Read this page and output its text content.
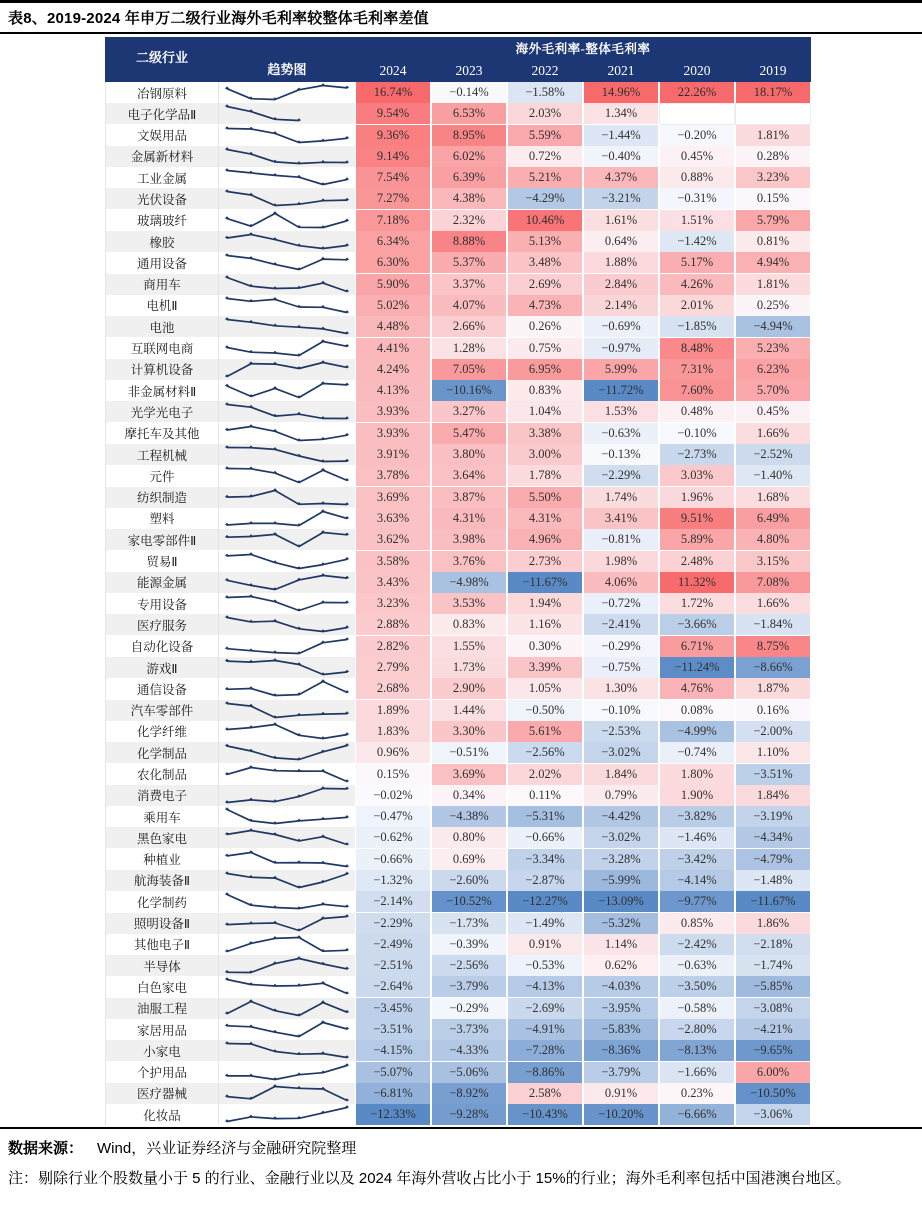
表8、2019-2024 年申万二级行业海外毛利率较整体毛利率差值
二级行业
趋势图
海外毛利率-整体毛利率
2024	2023	2022	2021	2020	2019
冶钢原料	16.74%	−0.14%	−1.58%	14.96%	22.26%	18.17%
电子化学品Ⅱ	9.54%	6.53%	2.03%	1.34%
文娱用品	9.36%	8.95%	5.59%	−1.44%	−0.20%	1.81%
金属新材料	9.14%	6.02%	0.72%	−0.40%	0.45%	0.28%
工业金属	7.54%	6.39%	5.21%	4.37%	0.88%	3.23%
光伏设备	7.27%	4.38%	−4.29%	−3.21%	−0.31%	0.15%
玻璃玻纤	7.18%	2.32%	10.46%	1.61%	1.51%	5.79%
橡胶	6.34%	8.88%	5.13%	0.64%	−1.42%	0.81%
通用设备	6.30%	5.37%	3.48%	1.88%	5.17%	4.94%
商用车	5.90%	3.37%	2.69%	2.84%	4.26%	1.81%
电机Ⅱ	5.02%	4.07%	4.73%	2.14%	2.01%	0.25%
电池	4.48%	2.66%	0.26%	−0.69%	−1.85%	−4.94%
互联网电商	4.41%	1.28%	0.75%	−0.97%	8.48%	5.23%
计算机设备	4.24%	7.05%	6.95%	5.99%	7.31%	6.23%
非金属材料Ⅱ	4.13%	−10.16%	0.83%	−11.72%	7.60%	5.70%
光学光电子	3.93%	3.27%	1.04%	1.53%	0.48%	0.45%
摩托车及其他	3.93%	5.47%	3.38%	−0.63%	−0.10%	1.66%
工程机械	3.91%	3.80%	3.00%	−0.13%	−2.73%	−2.52%
元件	3.78%	3.64%	1.78%	−2.29%	3.03%	−1.40%
纺织制造	3.69%	3.87%	5.50%	1.74%	1.96%	1.68%
塑料	3.63%	4.31%	4.31%	3.41%	9.51%	6.49%
家电零部件Ⅱ	3.62%	3.98%	4.96%	−0.81%	5.89%	4.80%
贸易Ⅱ	3.58%	3.76%	2.73%	1.98%	2.48%	3.15%
能源金属	3.43%	−4.98%	−11.67%	4.06%	11.32%	7.08%
专用设备	3.23%	3.53%	1.94%	−0.72%	1.72%	1.66%
医疗服务	2.88%	0.83%	1.16%	−2.41%	−3.66%	−1.84%
自动化设备	2.82%	1.55%	0.30%	−0.29%	6.71%	8.75%
游戏Ⅱ	2.79%	1.73%	3.39%	−0.75%	−11.24%	−8.66%
通信设备	2.68%	2.90%	1.05%	1.30%	4.76%	1.87%
汽车零部件	1.89%	1.44%	−0.50%	−0.10%	0.08%	0.16%
化学纤维	1.83%	3.30%	5.61%	−2.53%	−4.99%	−2.00%
化学制品	0.96%	−0.51%	−2.56%	−3.02%	−0.74%	1.10%
农化制品	0.15%	3.69%	2.02%	1.84%	1.80%	−3.51%
消费电子	−0.02%	0.34%	0.11%	0.79%	1.90%	1.84%
乘用车	−0.47%	−4.38%	−5.31%	−4.42%	−3.82%	−3.19%
黑色家电	−0.62%	0.80%	−0.66%	−3.02%	−1.46%	−4.34%
种植业	−0.66%	0.69%	−3.34%	−3.28%	−3.42%	−4.79%
航海装备Ⅱ	−1.32%	−2.60%	−2.87%	−5.99%	−4.14%	−1.48%
化学制药	−2.14%	−10.52%	−12.27%	−13.09%	−9.77%	−11.67%
照明设备Ⅱ	−2.29%	−1.73%	−1.49%	−5.32%	0.85%	1.86%
其他电子Ⅱ	−2.49%	−0.39%	0.91%	1.14%	−2.42%	−2.18%
半导体	−2.51%	−2.56%	−0.53%	0.62%	−0.63%	−1.74%
白色家电	−2.64%	−3.79%	−4.13%	−4.03%	−3.50%	−5.85%
油服工程	−3.45%	−0.29%	−2.69%	−3.95%	−0.58%	−3.08%
家居用品	−3.51%	−3.73%	−4.91%	−5.83%	−2.80%	−4.21%
小家电	−4.15%	−4.33%	−7.28%	−8.36%	−8.13%	−9.65%
个护用品	−5.07%	−5.06%	−8.86%	−3.79%	−1.66%	6.00%
医疗器械	−6.81%	−8.92%	2.58%	0.91%	0.23%	−10.50%
化妆品	−12.33%	−9.28%	−10.43%	−10.20%	−6.66%	−3.06%
数据来源： Wind，兴业证券经济与金融研究院整理
注：剔除行业个股数量小于 5 的行业、金融行业以及 2024 年海外营收占比小于 15%的行业；海外毛利率包括中国港澳台地区。
